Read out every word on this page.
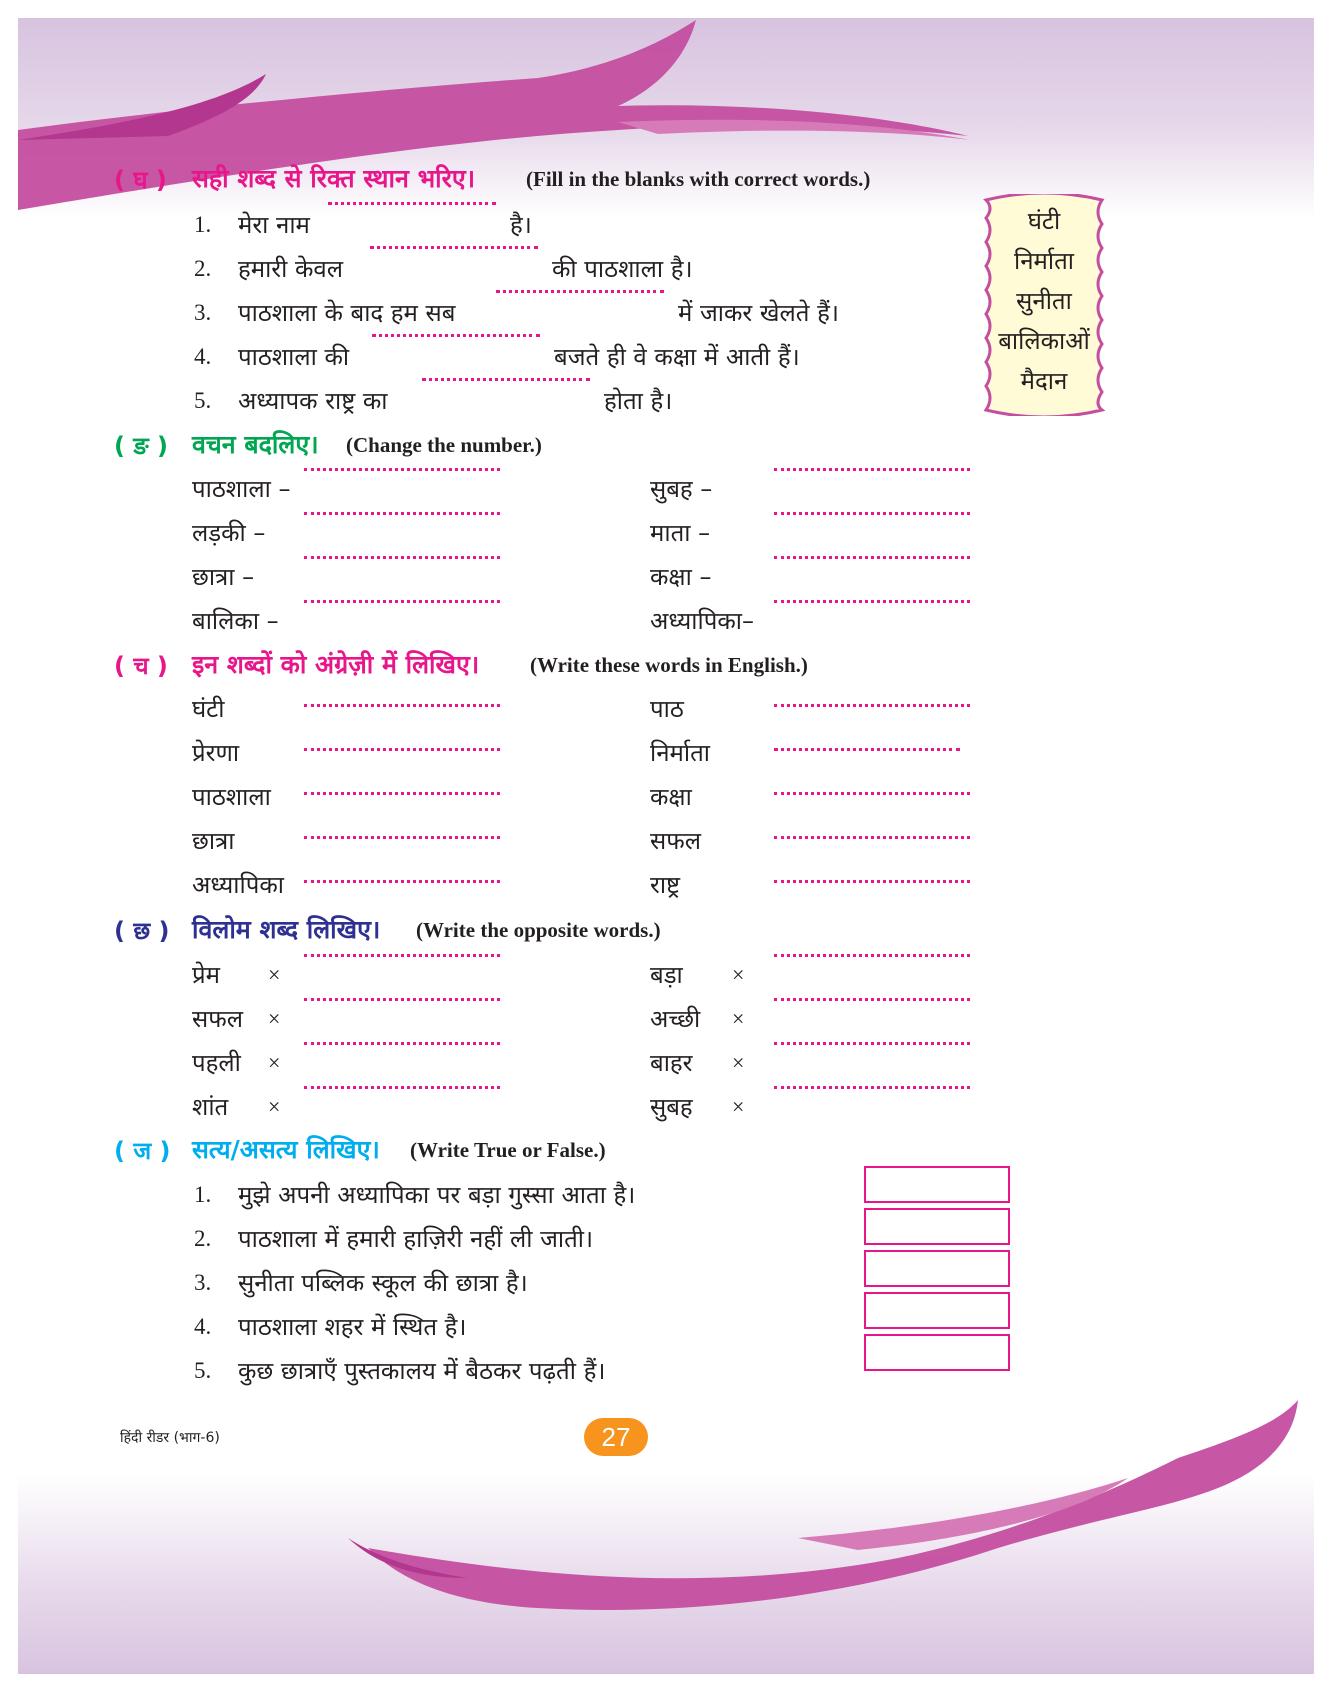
( घ ) सही शब्द से रिक्त स्थान भरिए। (Fill in the blanks with correct words.)
1. मेरा नाम	है।
2. हमारी केवल	की पाठशाला है।
3. पाठशाला के बाद हम सब	में जाकर खेलते हैं।
4. पाठशाला की	बजते ही वे कक्षा में आती हैं।
5. अध्यापक राष्ट्र का	होता है।
घंटी
निर्माता
सुनीता
बालिकाओं
मैदान
( ङ ) वचन बदलिए। (Change the number.)
पाठशाला –	सुबह –
लड़की –	माता –
छात्रा –	कक्षा –
बालिका –	अध्यापिका–
( च ) इन शब्दों को अंग्रेज़ी में लिखिए। (Write these words in English.)
घंटी	पाठ
प्रेरणा	निर्माता
पाठशाला	कक्षा
छात्रा	सफल
अध्यापिका	राष्ट्र
( छ ) विलोम शब्द लिखिए। (Write the opposite words.)
प्रेम ×	बड़ा ×
सफल ×	अच्छी ×
पहली ×	बाहर ×
शांत ×	सुबह ×
( ज ) सत्य/असत्य लिखिए। (Write True or False.)
1. मुझे अपनी अध्यापिका पर बड़ा गुस्सा आता है।
2. पाठशाला में हमारी हाज़िरी नहीं ली जाती।
3. सुनीता पब्लिक स्कूल की छात्रा है।
4. पाठशाला शहर में स्थित है।
5. कुछ छात्राएँ पुस्तकालय में बैठकर पढ़ती हैं।
हिंदी रीडर (भाग-6)	27
